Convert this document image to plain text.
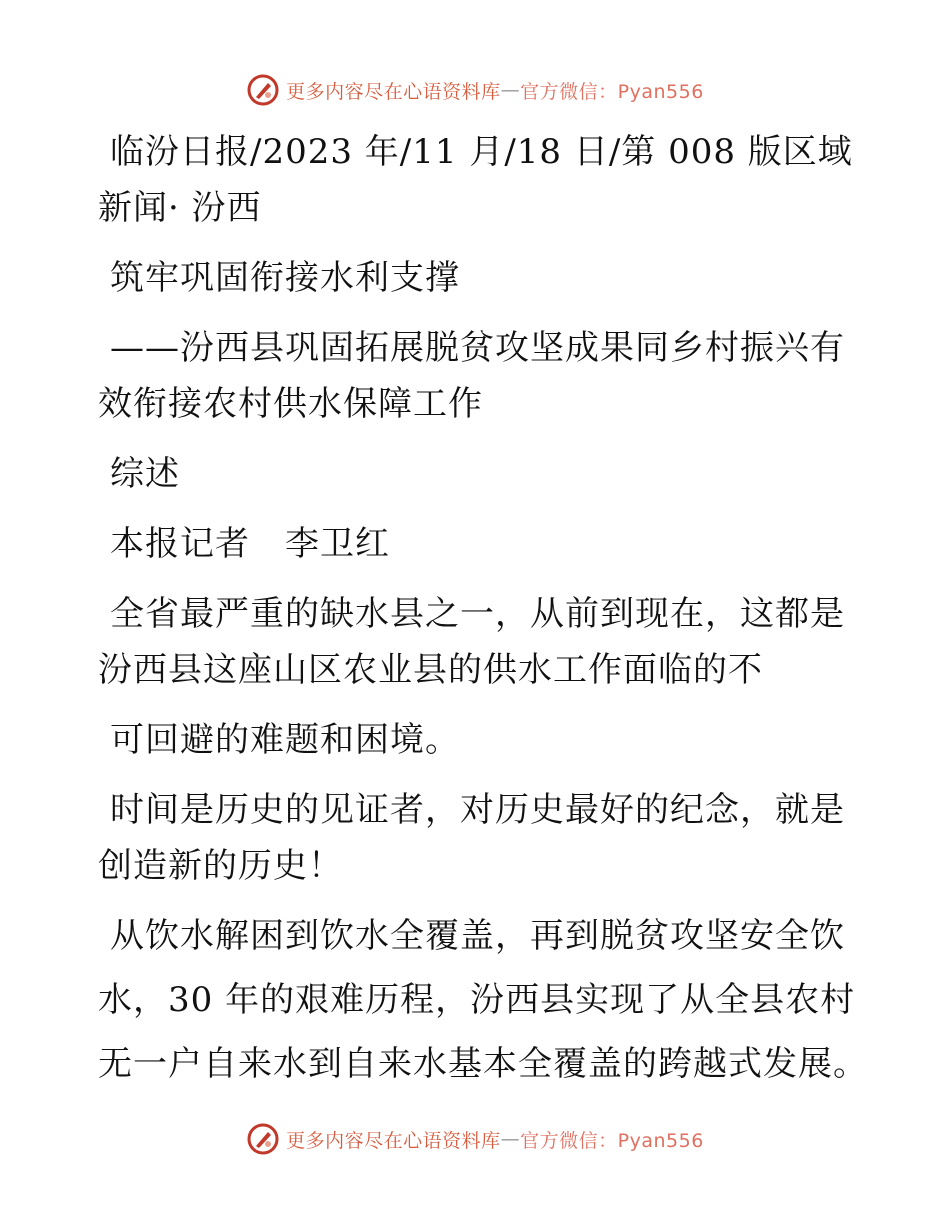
更多内容尽在心语资料库 — 官方微信：Pyan556
临汾日报/2023 年/11 月/18 日/第 008 版区域
新闻· 汾西
筑牢巩固衔接水利支撑
——汾西县巩固拓展脱贫攻坚成果同乡村振兴有
效衔接农村供水保障工作
综述
本报记者　李卫红
全省最严重的缺水县之一，从前到现在，这都是
汾西县这座山区农业县的供水工作面临的不
可回避的难题和困境。
时间是历史的见证者，对历史最好的纪念，就是
创造新的历史！
从饮水解困到饮水全覆盖，再到脱贫攻坚安全饮
水，30 年的艰难历程，汾西县实现了从全县农村
无一户自来水到自来水基本全覆盖的跨越式发展。
更多内容尽在心语资料库 — 官方微信：Pyan556
